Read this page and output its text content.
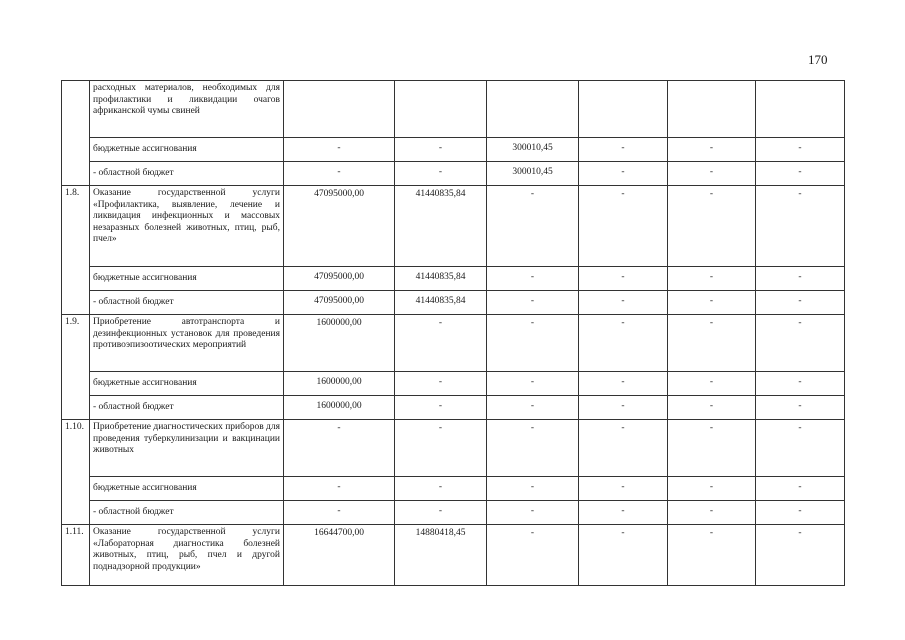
170
	расходных материалов, необходимых для профилактики и ликвидации очагов африканской чумы свиней						
	бюджетные ассигнования	-	-	300010,45	-	-	-
	- областной бюджет	-	-	300010,45	-	-	-
1.8.	Оказание государственной услуги «Профилактика, выявление, лечение и ликвидация инфекционных и массовых незаразных болезней животных, птиц, рыб, пчел»	47095000,00	41440835,84	-	-	-	-
	бюджетные ассигнования	47095000,00	41440835,84	-	-	-	-
	- областной бюджет	47095000,00	41440835,84	-	-	-	-
1.9.	Приобретение автотранспорта и дезинфекционных установок для проведения противоэпизоотических мероприятий	1600000,00	-	-	-	-	-
	бюджетные ассигнования	1600000,00	-	-	-	-	-
	- областной бюджет	1600000,00	-	-	-	-	-
1.10.	Приобретение диагностических приборов для проведения туберкулинизации и вакцинации животных	-	-	-	-	-	-
	бюджетные ассигнования	-	-	-	-	-	-
	- областной бюджет	-	-	-	-	-	-
1.11.	Оказание государственной услуги «Лабораторная диагностика болезней животных, птиц, рыб, пчел и другой поднадзорной продукции»	16644700,00	14880418,45	-	-	-	-
